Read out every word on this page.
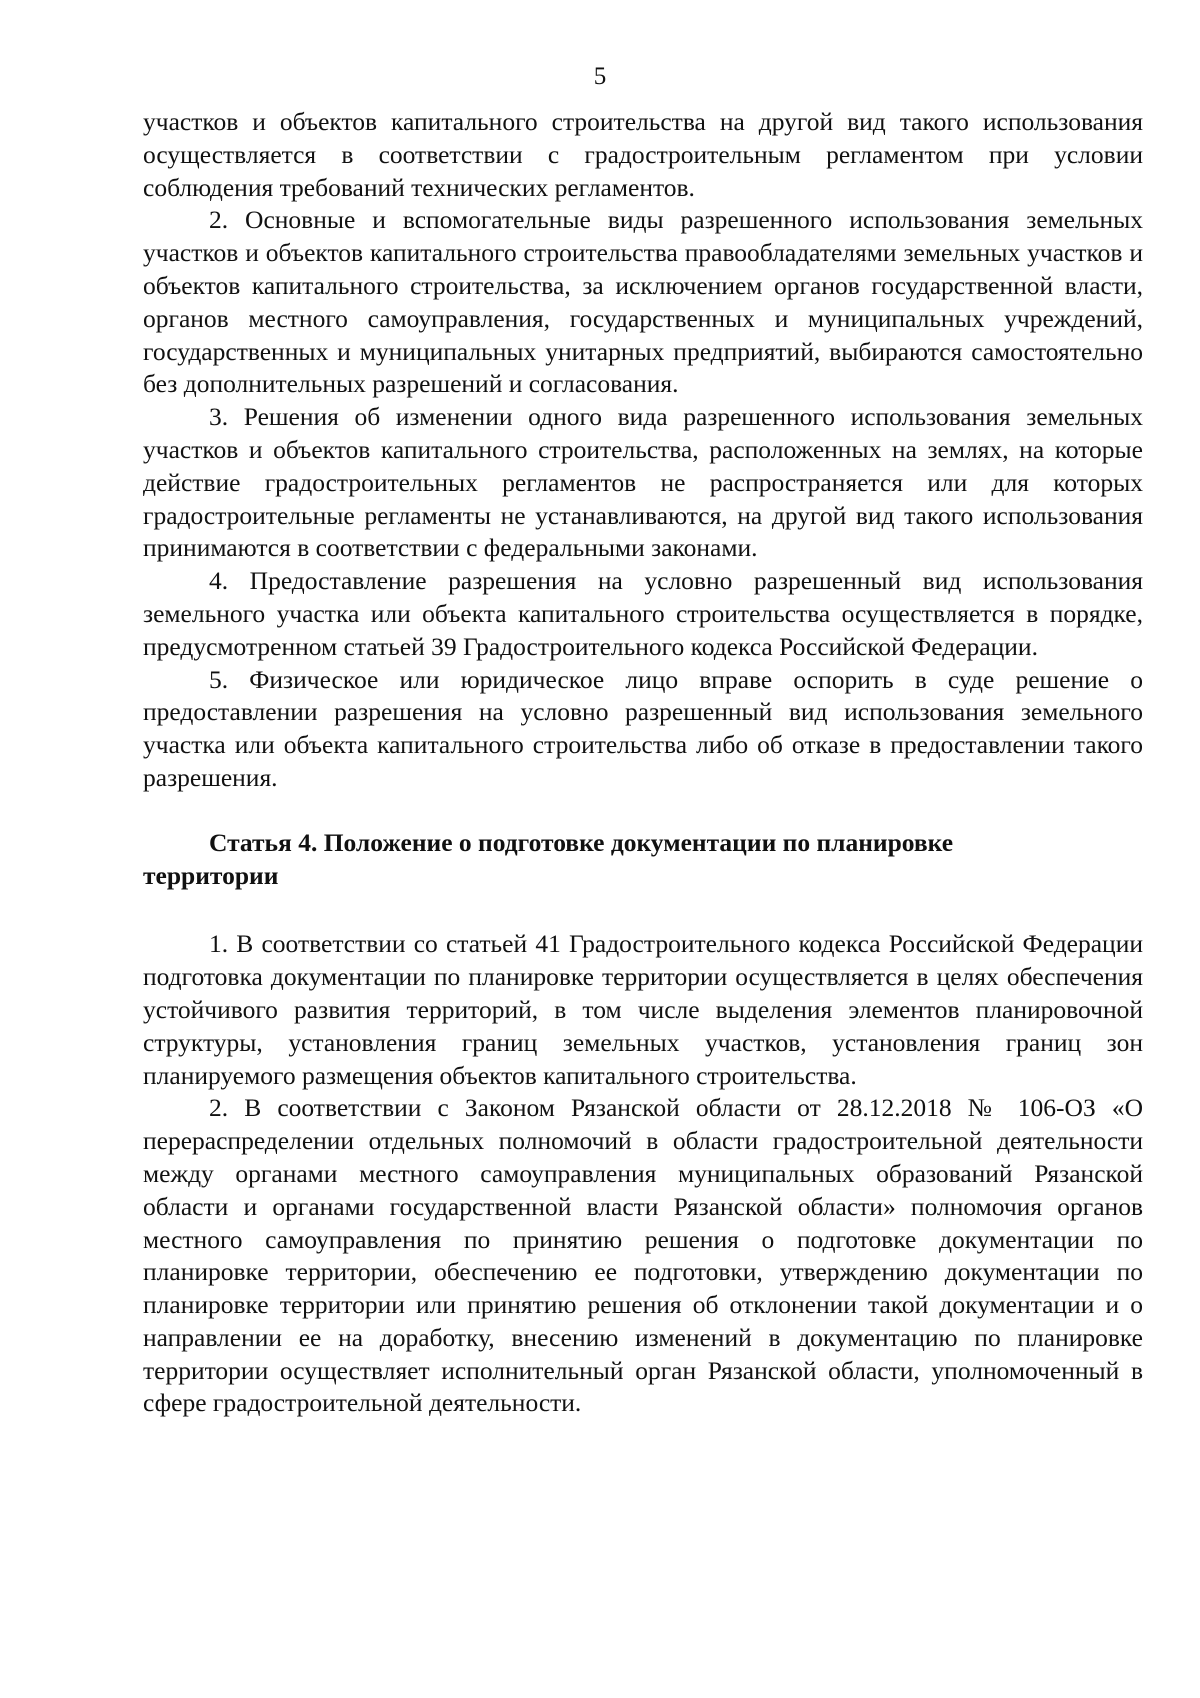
5

участков и объектов капитального строительства на другой вид такого использования осуществляется в соответствии с градостроительным регламентом при условии соблюдения требований технических регламентов.

2. Основные и вспомогательные виды разрешенного использования земельных участков и объектов капитального строительства правообладателями земельных участков и объектов капитального строительства, за исключением органов государственной власти, органов местного самоуправления, государственных и муниципальных учреждений, государственных и муниципальных унитарных предприятий, выбираются самостоятельно без дополнительных разрешений и согласования.

3. Решения об изменении одного вида разрешенного использования земельных участков и объектов капитального строительства, расположенных на землях, на которые действие градостроительных регламентов не распространяется или для которых градостроительные регламенты не устанавливаются, на другой вид такого использования принимаются в соответствии с федеральными законами.

4. Предоставление разрешения на условно разрешенный вид использования земельного участка или объекта капитального строительства осуществляется в порядке, предусмотренном статьей 39 Градостроительного кодекса Российской Федерации.

5. Физическое или юридическое лицо вправе оспорить в суде решение о предоставлении разрешения на условно разрешенный вид использования земельного участка или объекта капитального строительства либо об отказе в предоставлении такого разрешения.

Статья 4. Положение о подготовке документации по планировке
территории

1. В соответствии со статьей 41 Градостроительного кодекса Российской Федерации подготовка документации по планировке территории осуществляется в целях обеспечения устойчивого развития территорий, в том числе выделения элементов планировочной структуры, установления границ земельных участков, установления границ зон планируемого размещения объектов капитального строительства.

2. В соответствии с Законом Рязанской области от 28.12.2018 № 106-ОЗ «О перераспределении отдельных полномочий в области градостроительной деятельности между органами местного самоуправления муниципальных образований Рязанской области и органами государственной власти Рязанской области» полномочия органов местного самоуправления по принятию решения о подготовке документации по планировке территории, обеспечению ее подготовки, утверждению документации по планировке территории или принятию решения об отклонении такой документации и о направлении ее на доработку, внесению изменений в документацию по планировке территории осуществляет исполнительный орган Рязанской области, уполномоченный в сфере градостроительной деятельности.
